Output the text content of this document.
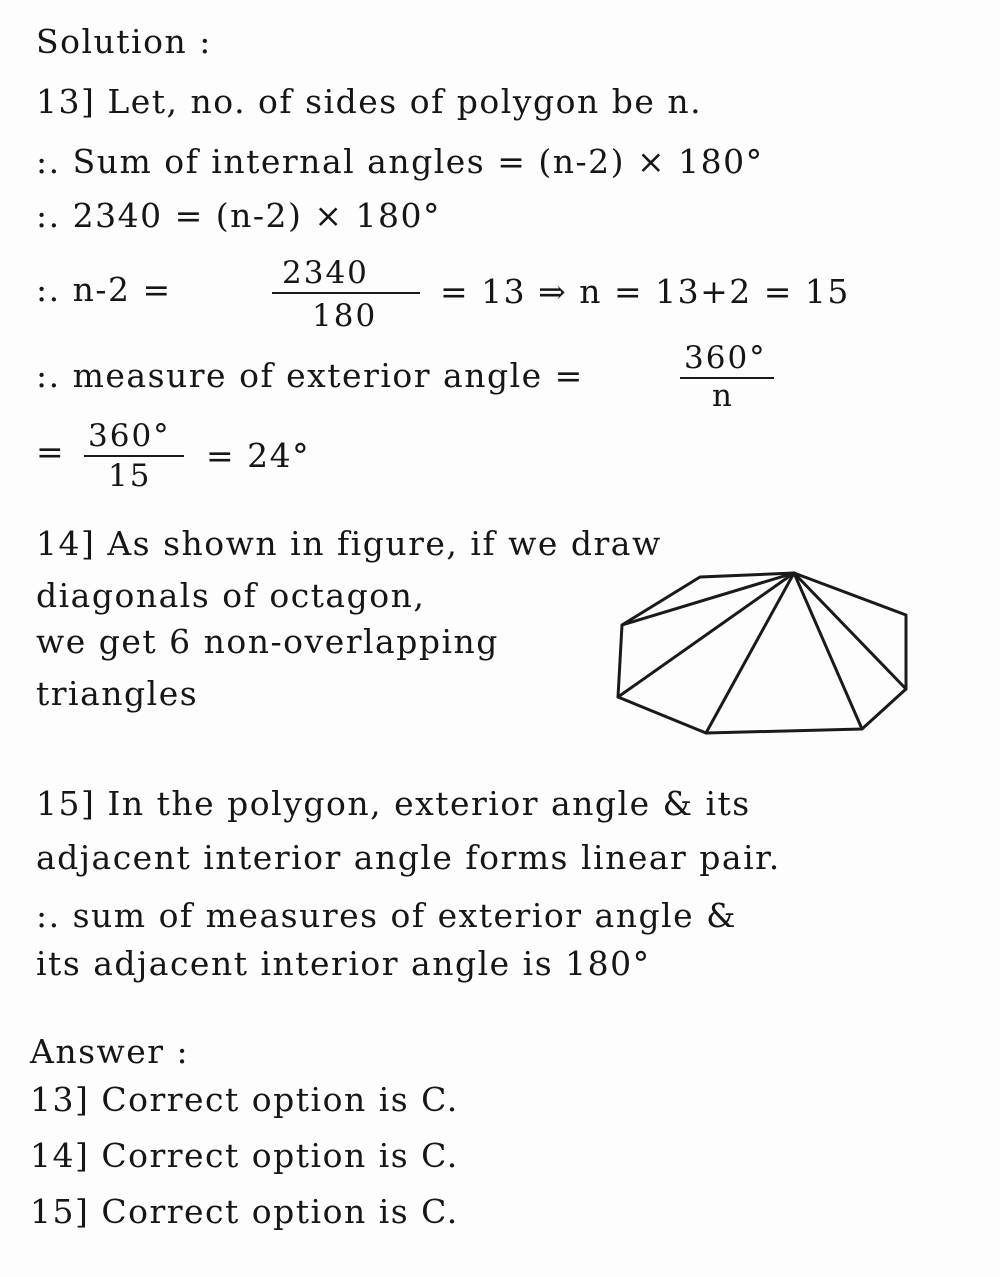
Solution :
13] Let, no. of sides of polygon be n.
:. Sum of internal angles = (n-2) × 180°
:. 2340 = (n-2) × 180°
:. n-2 =	2340
180
= 13 ⇒ n = 13+2 = 15
:. measure of exterior angle =	360°
n
= 360°
15
= 24°
14] As shown in figure, if we draw
diagonals of octagon,
we get 6 non-overlapping
triangles
15] In the polygon, exterior angle & its
adjacent interior angle forms linear pair.
:. sum of measures of exterior angle &
its adjacent interior angle is 180°
Answer :
13] Correct option is C.
14] Correct option is C.
15] Correct option is C.
